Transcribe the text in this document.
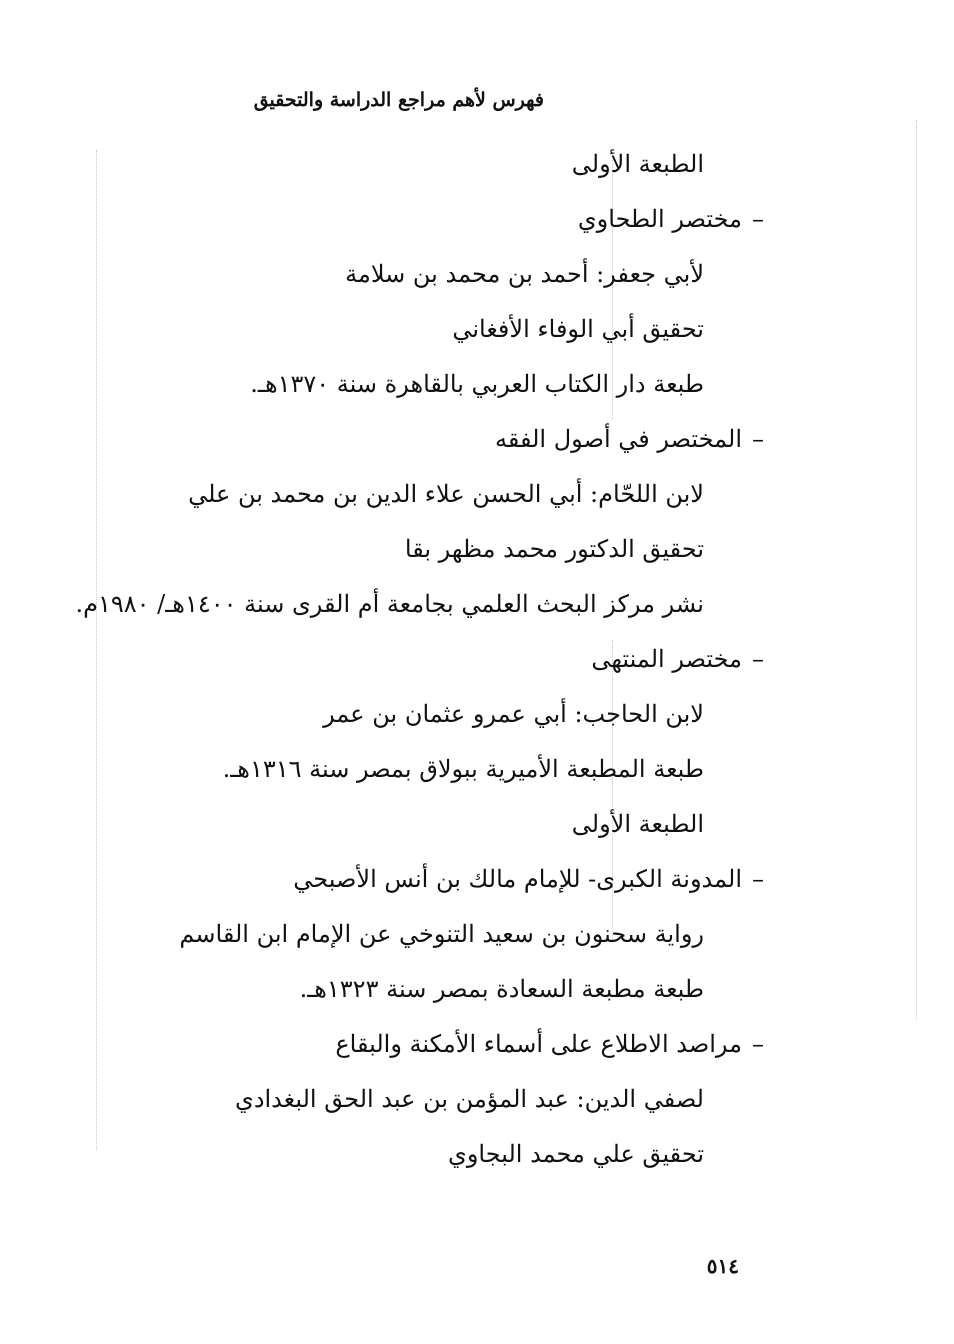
فهرس لأهم مراجع الدراسة والتحقيق
الطبعة الأولى
–مختصر الطحاوي
لأبي جعفر: أحمد بن محمد بن سلامة
تحقيق أبي الوفاء الأفغاني
طبعة دار الكتاب العربي بالقاهرة سنة ١٣٧٠هـ.
–المختصر في أصول الفقه
لابن اللحّام: أبي الحسن علاء الدين بن محمد بن علي
تحقيق الدكتور محمد مظهر بقا
نشر مركز البحث العلمي بجامعة أم القرى سنة ١٤٠٠هـ/ ١٩٨٠م.
–مختصر المنتهى
لابن الحاجب: أبي عمرو عثمان بن عمر
طبعة المطبعة الأميرية ببولاق بمصر سنة ١٣١٦هـ.
الطبعة الأولى
–المدونة الكبرى- للإمام مالك بن أنس الأصبحي
رواية سحنون بن سعيد التنوخي عن الإمام ابن القاسم
طبعة مطبعة السعادة بمصر سنة ١٣٢٣هـ.
–مراصد الاطلاع على أسماء الأمكنة والبقاع
لصفي الدين: عبد المؤمن بن عبد الحق البغدادي
تحقيق علي محمد البجاوي
٥١٤
